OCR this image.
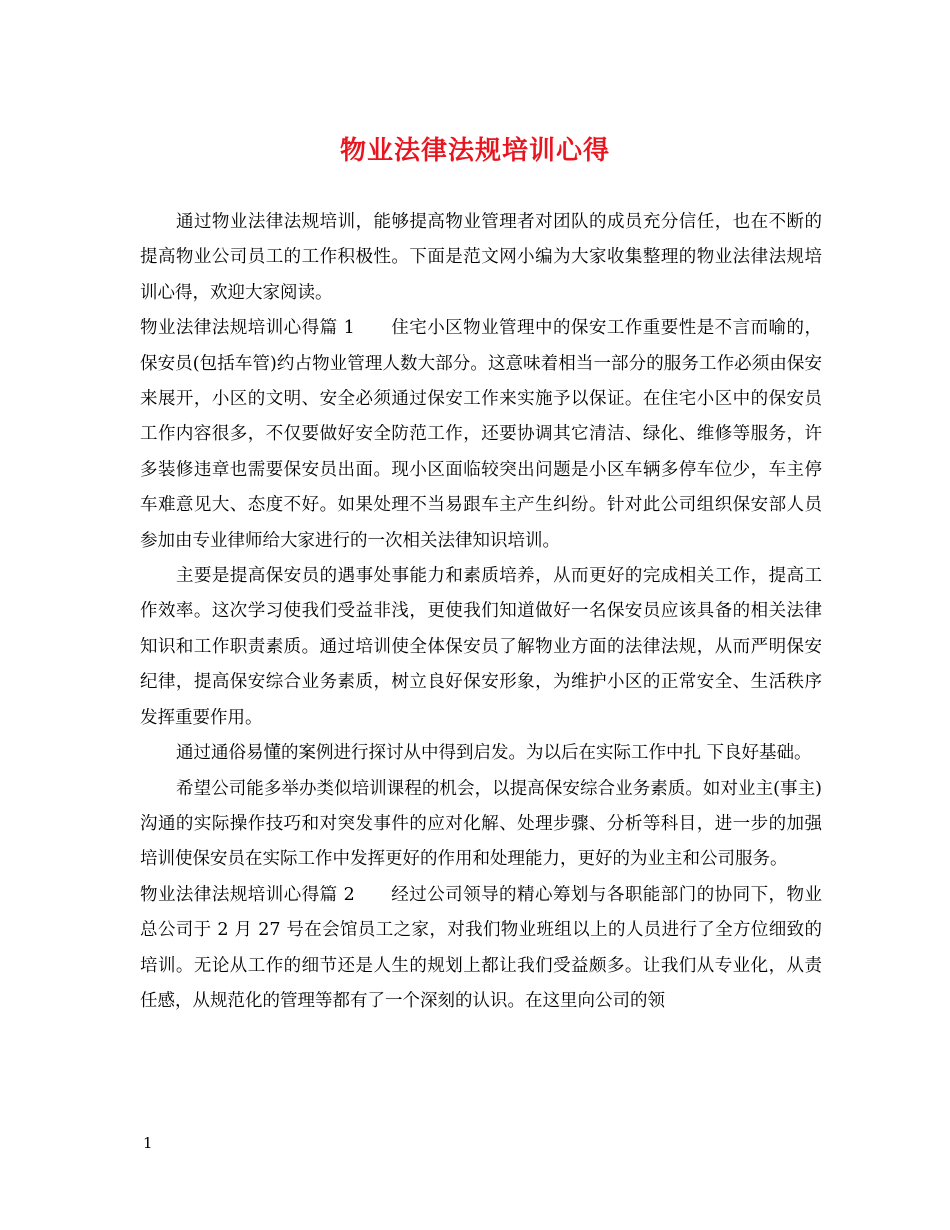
物业法律法规培训心得

通过物业法律法规培训，能够提高物业管理者对团队的成员充分信任，也在不断的提高物业公司员工的工作积极性。下面是范文网小编为大家收集整理的物业法律法规培训心得，欢迎大家阅读。

物业法律法规培训心得篇 1 住宅小区物业管理中的保安工作重要性是不言而喻的，保安员(包括车管)约占物业管理人数大部分。这意味着相当一部分的服务工作必须由保安来展开，小区的文明、安全必须通过保安工作来实施予以保证。在住宅小区中的保安员工作内容很多，不仅要做好安全防范工作，还要协调其它清洁、绿化、维修等服务，许多装修违章也需要保安员出面。现小区面临较突出问题是小区车辆多停车位少，车主停车难意见大、态度不好。如果处理不当易跟车主产生纠纷。针对此公司组织保安部人员参加由专业律师给大家进行的一次相关法律知识培训。

主要是提高保安员的遇事处事能力和素质培养，从而更好的完成相关工作，提高工作效率。这次学习使我们受益非浅，更使我们知道做好一名保安员应该具备的相关法律知识和工作职责素质。通过培训使全体保安员了解物业方面的法律法规，从而严明保安纪律，提高保安综合业务素质，树立良好保安形象，为维护小区的正常安全、生活秩序发挥重要作用。

通过通俗易懂的案例进行探讨从中得到启发。为以后在实际工作中扎 下良好基础。

希望公司能多举办类似培训课程的机会，以提高保安综合业务素质。如对业主(事主)沟通的实际操作技巧和对突发事件的应对化解、处理步骤、分析等科目，进一步的加强培训使保安员在实际工作中发挥更好的作用和处理能力，更好的为业主和公司服务。

物业法律法规培训心得篇 2 经过公司领导的精心筹划与各职能部门的协同下，物业总公司于 2 月 27 号在会馆员工之家，对我们物业班组以上的人员进行了全方位细致的培训。无论从工作的细节还是人生的规划上都让我们受益颇多。让我们从专业化，从责任感，从规范化的管理等都有了一个深刻的认识。在这里向公司的领

1
